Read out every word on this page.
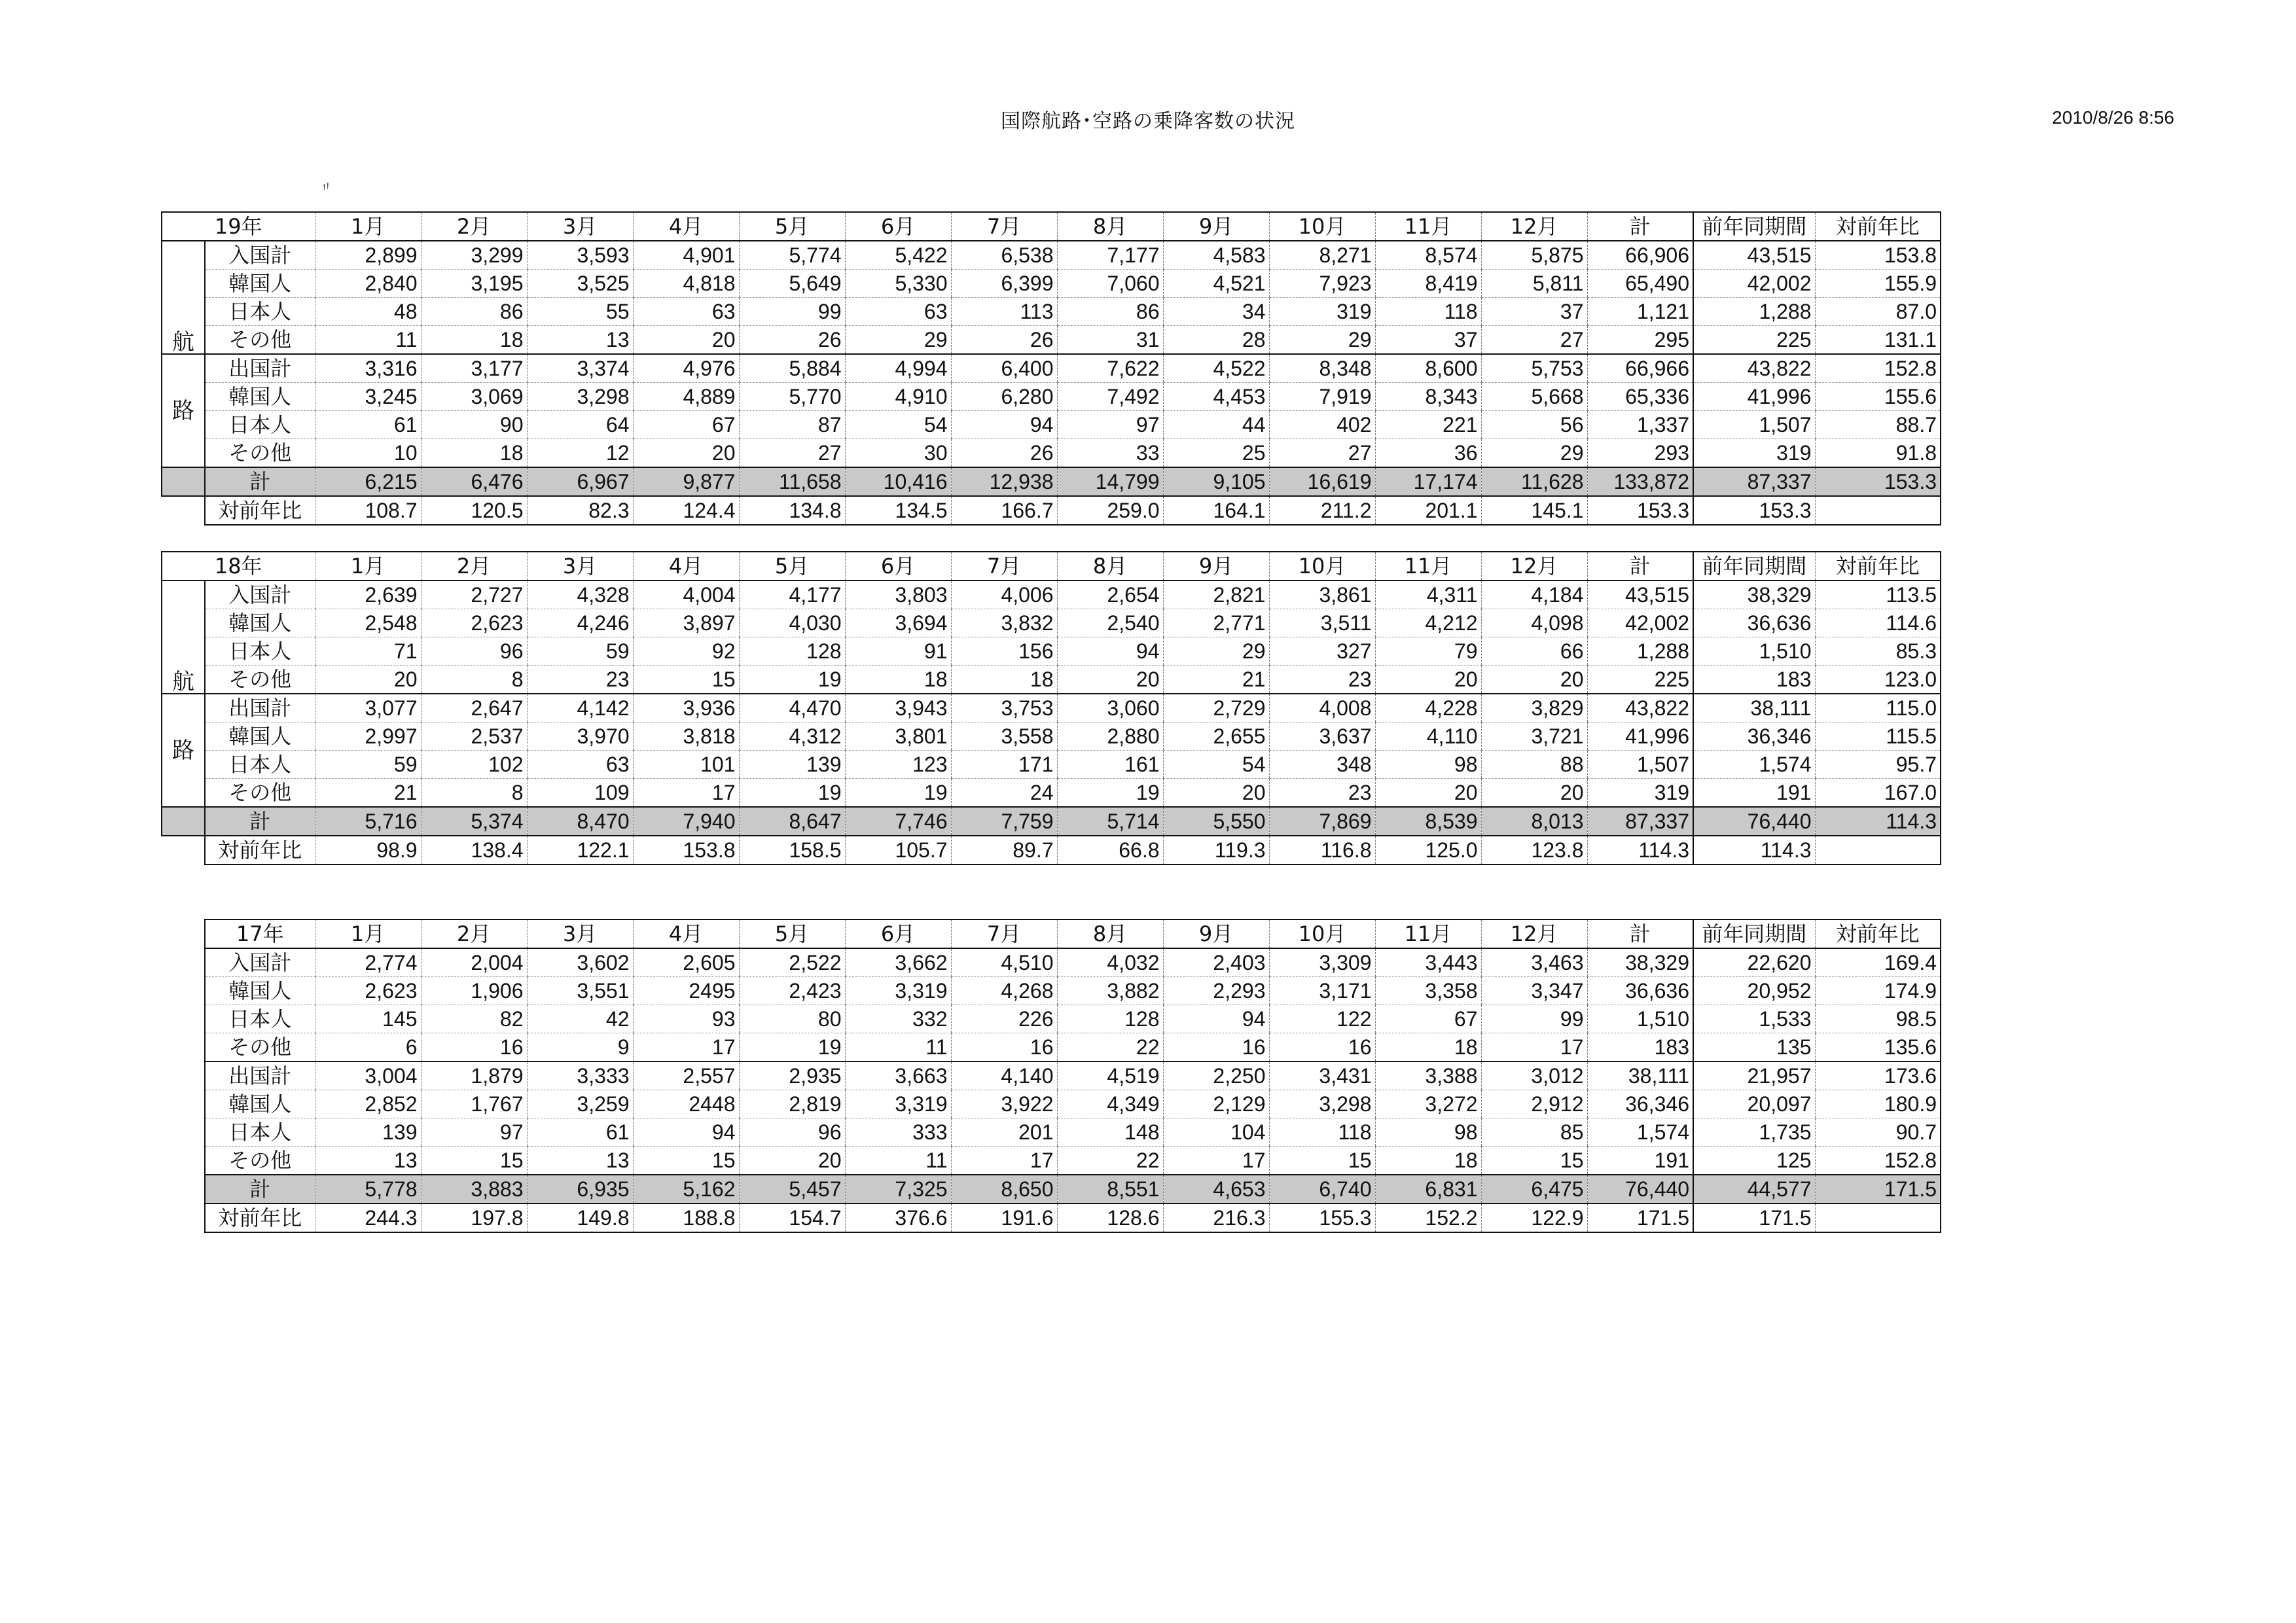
国際航路･空路の乗降客数の状況	2010/8/26 8:56
〃
19年		1月	2月	3月	4月	5月	6月	7月	8月	9月	10月	11月	12月	計	前年同期間	対前年比
航	入国計	2,899	3,299	3,593	4,901	5,774	5,422	6,538	7,177	4,583	8,271	8,574	5,875	66,906	43,515	153.8
	韓国人	2,840	3,195	3,525	4,818	5,649	5,330	6,399	7,060	4,521	7,923	8,419	5,811	65,490	42,002	155.9
	日本人	48	86	55	63	99	63	113	86	34	319	118	37	1,121	1,288	87.0
	その他	11	18	13	20	26	29	26	31	28	29	37	27	295	225	131.1
路	出国計	3,316	3,177	3,374	4,976	5,884	4,994	6,400	7,622	4,522	8,348	8,600	5,753	66,966	43,822	152.8
	韓国人	3,245	3,069	3,298	4,889	5,770	4,910	6,280	7,492	4,453	7,919	8,343	5,668	65,336	41,996	155.6
	日本人	61	90	64	67	87	54	94	97	44	402	221	56	1,337	1,507	88.7
	その他	10	18	12	20	27	30	26	33	25	27	36	29	293	319	91.8
	計	6,215	6,476	6,967	9,877	11,658	10,416	12,938	14,799	9,105	16,619	17,174	11,628	133,872	87,337	153.3
	対前年比	108.7	120.5	82.3	124.4	134.8	134.5	166.7	259.0	164.1	211.2	201.1	145.1	153.3	153.3	
18年		1月	2月	3月	4月	5月	6月	7月	8月	9月	10月	11月	12月	計	前年同期間	対前年比
航	入国計	2,639	2,727	4,328	4,004	4,177	3,803	4,006	2,654	2,821	3,861	4,311	4,184	43,515	38,329	113.5
	韓国人	2,548	2,623	4,246	3,897	4,030	3,694	3,832	2,540	2,771	3,511	4,212	4,098	42,002	36,636	114.6
	日本人	71	96	59	92	128	91	156	94	29	327	79	66	1,288	1,510	85.3
	その他	20	8	23	15	19	18	18	20	21	23	20	20	225	183	123.0
路	出国計	3,077	2,647	4,142	3,936	4,470	3,943	3,753	3,060	2,729	4,008	4,228	3,829	43,822	38,111	115.0
	韓国人	2,997	2,537	3,970	3,818	4,312	3,801	3,558	2,880	2,655	3,637	4,110	3,721	41,996	36,346	115.5
	日本人	59	102	63	101	139	123	171	161	54	348	98	88	1,507	1,574	95.7
	その他	21	8	109	17	19	19	24	19	20	23	20	20	319	191	167.0
	計	5,716	5,374	8,470	7,940	8,647	7,746	7,759	5,714	5,550	7,869	8,539	8,013	87,337	76,440	114.3
	対前年比	98.9	138.4	122.1	153.8	158.5	105.7	89.7	66.8	119.3	116.8	125.0	123.8	114.3	114.3	
17年	1月	2月	3月	4月	5月	6月	7月	8月	9月	10月	11月	12月	計	前年同期間	対前年比
入国計	2,774	2,004	3,602	2,605	2,522	3,662	4,510	4,032	2,403	3,309	3,443	3,463	38,329	22,620	169.4
韓国人	2,623	1,906	3,551	2495	2,423	3,319	4,268	3,882	2,293	3,171	3,358	3,347	36,636	20,952	174.9
日本人	145	82	42	93	80	332	226	128	94	122	67	99	1,510	1,533	98.5
その他	6	16	9	17	19	11	16	22	16	16	18	17	183	135	135.6
出国計	3,004	1,879	3,333	2,557	2,935	3,663	4,140	4,519	2,250	3,431	3,388	3,012	38,111	21,957	173.6
韓国人	2,852	1,767	3,259	2448	2,819	3,319	3,922	4,349	2,129	3,298	3,272	2,912	36,346	20,097	180.9
日本人	139	97	61	94	96	333	201	148	104	118	98	85	1,574	1,735	90.7
その他	13	15	13	15	20	11	17	22	17	15	18	15	191	125	152.8
計	5,778	3,883	6,935	5,162	5,457	7,325	8,650	8,551	4,653	6,740	6,831	6,475	76,440	44,577	171.5
対前年比	244.3	197.8	149.8	188.8	154.7	376.6	191.6	128.6	216.3	155.3	152.2	122.9	171.5	171.5	
